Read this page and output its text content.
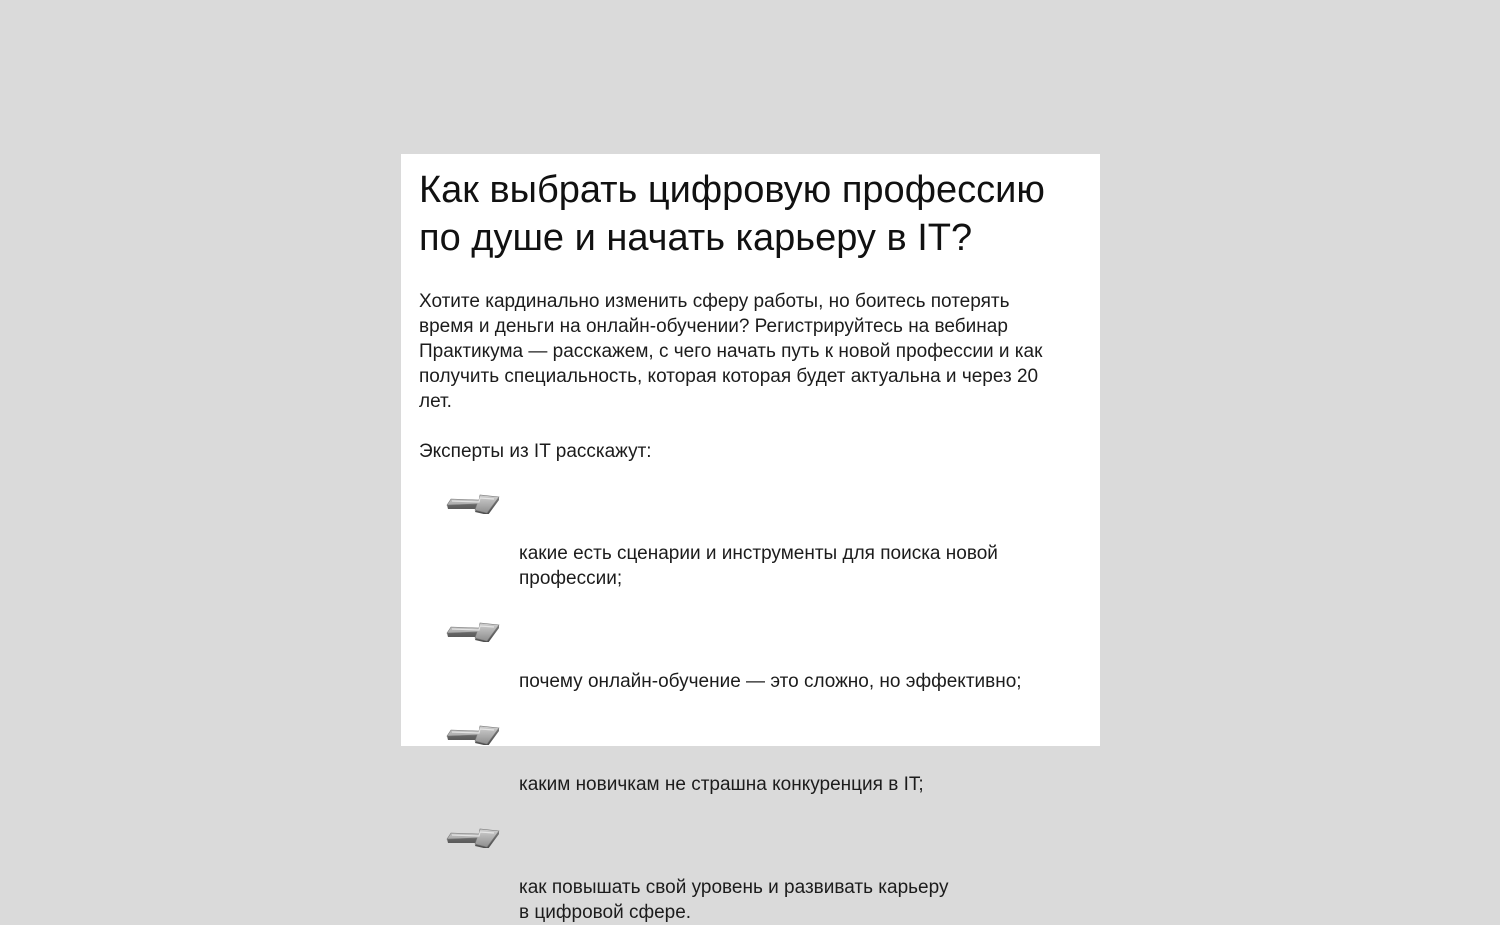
Как выбрать цифровую профессию
по душе и начать карьеру в IT?

Хотите кардинально изменить сферу работы, но боитесь потерять
время и деньги на онлайн-обучении? Регистрируйтесь на вебинар
Практикума — расскажем, с чего начать путь к новой профессии и как
получить специальность, которая которая будет актуальна и через 20
лет.

Эксперты из IT расскажут:

какие есть сценарии и инструменты для поиска новой
профессии;

почему онлайн-обучение — это сложно, но эффективно;

каким новичкам не страшна конкуренция в IT;

как повышать свой уровень и развивать карьеру
в цифровой сфере.
